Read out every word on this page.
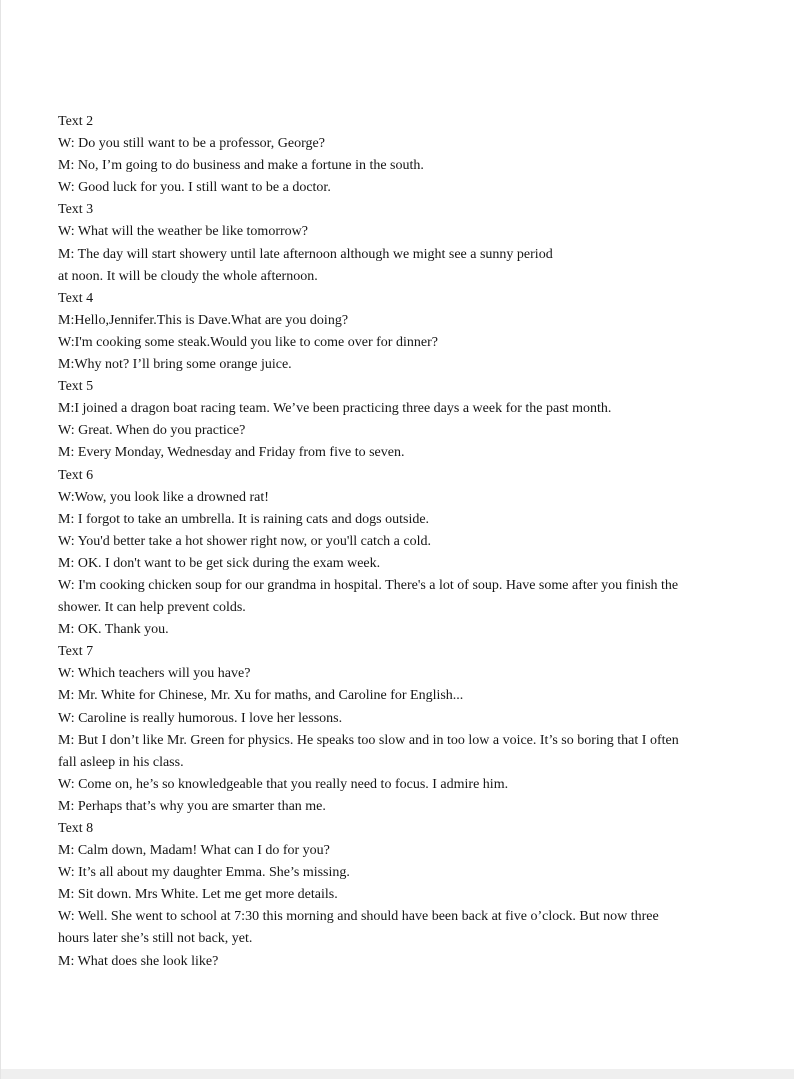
Text 2
W: Do you still want to be a professor, George?
M: No, I’m going to do business and make a fortune in the south.
W: Good luck for you. I still want to be a doctor.
Text 3
W: What will the weather be like tomorrow?
M: The day will start showery until late afternoon although we might see a sunny period
at noon. It will be cloudy the whole afternoon.
Text 4
M:Hello,Jennifer.This is Dave.What are you doing?
W:I'm cooking some steak.Would you like to come over for dinner?
M:Why not? I’ll bring some orange juice.
Text 5
M:I joined a dragon boat racing team. We’ve been practicing three days a week for the past month.
W: Great. When do you practice?
M: Every Monday, Wednesday and Friday from five to seven.
Text 6
W:Wow, you look like a drowned rat!
M: I forgot to take an umbrella. It is raining cats and dogs outside.
W: You'd better take a hot shower right now, or you'll catch a cold.
M: OK. I don't want to be get sick during the exam week.
W: I'm cooking chicken soup for our grandma in hospital. There's a lot of soup. Have some after you finish the
shower. It can help prevent colds.
M: OK. Thank you.
Text 7
W: Which teachers will you have?
M: Mr. White for Chinese, Mr. Xu for maths, and Caroline for English...
W: Caroline is really humorous. I love her lessons.
M: But I don’t like Mr. Green for physics. He speaks too slow and in too low a voice. It’s so boring that I often
fall asleep in his class.
W: Come on, he’s so knowledgeable that you really need to focus. I admire him.
M: Perhaps that’s why you are smarter than me.
Text 8
M: Calm down, Madam! What can I do for you?
W: It’s all about my daughter Emma. She’s missing.
M: Sit down. Mrs White. Let me get more details.
W: Well. She went to school at 7:30 this morning and should have been back at five o’clock. But now three
hours later she’s still not back, yet.
M: What does she look like?
